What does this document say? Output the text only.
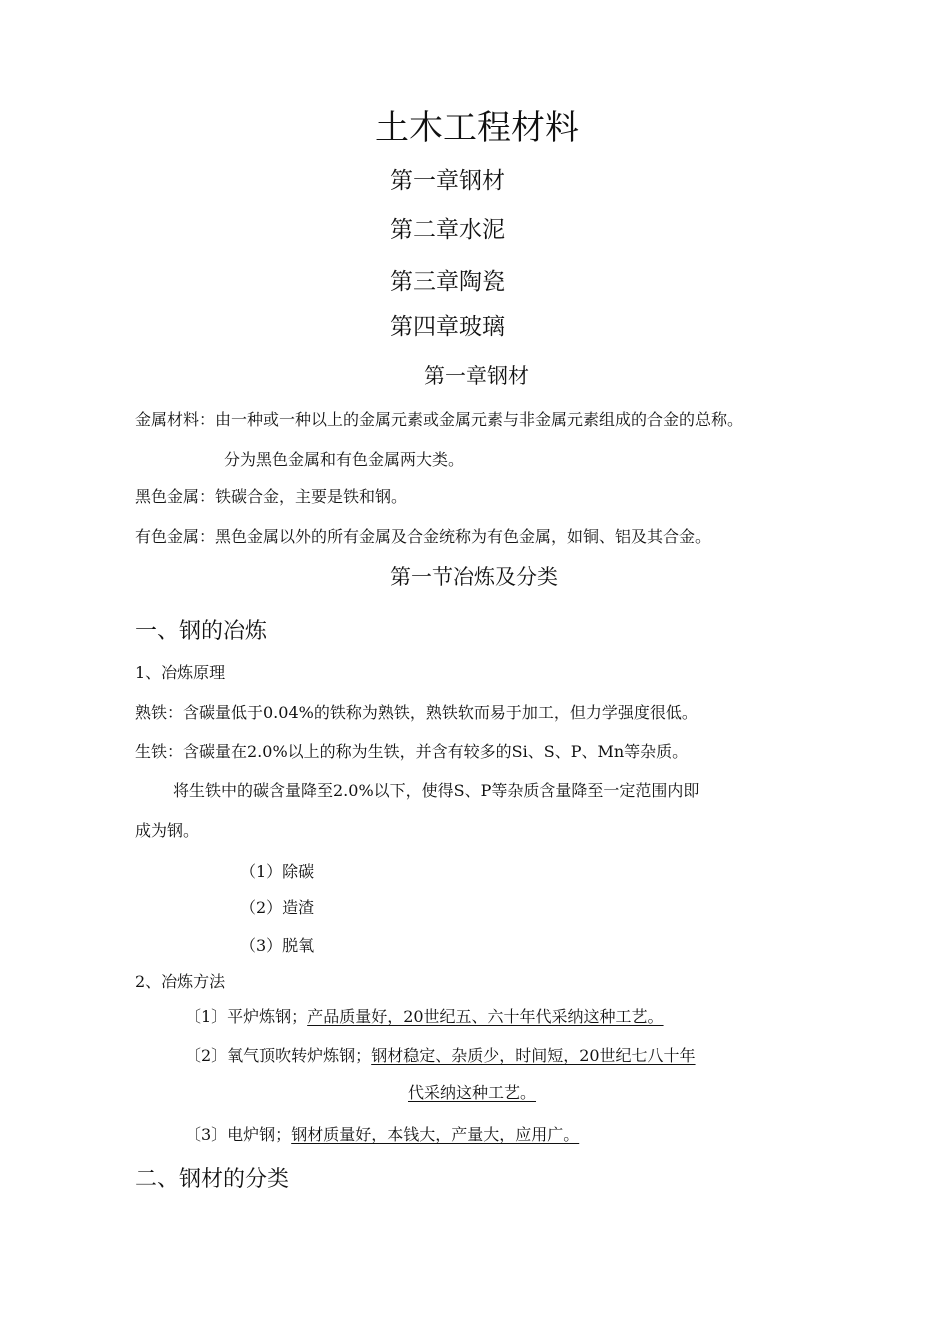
土木工程材料
第一章钢材
第二章水泥
第三章陶瓷
第四章玻璃
第一章钢材
金属材料：由一种或一种以上的金属元素或金属元素与非金属元素组成的合金的总称。
分为黑色金属和有色金属两大类。
黑色金属：铁碳合金，主要是铁和钢。
有色金属：黑色金属以外的所有金属及合金统称为有色金属，如铜、铝及其合金。
第一节冶炼及分类
一、钢的冶炼
1、冶炼原理
熟铁：含碳量低于0.04%的铁称为熟铁，熟铁软而易于加工，但力学强度很低。
生铁：含碳量在2.0%以上的称为生铁，并含有较多的Si、S、P、Mn等杂质。
将生铁中的碳含量降至2.0%以下，使得S、P等杂质含量降至一定范围内即
成为钢。
（1）除碳
（2）造渣
（3）脱氧
2、冶炼方法
〔1〕平炉炼钢；产品质量好，20世纪五、六十年代采纳这种工艺。
〔2〕氧气顶吹转炉炼钢；钢材稳定、杂质少，时间短，20世纪七八十年
代采纳这种工艺。
〔3〕电炉钢；钢材质量好，本钱大，产量大，应用广。
二、钢材的分类
